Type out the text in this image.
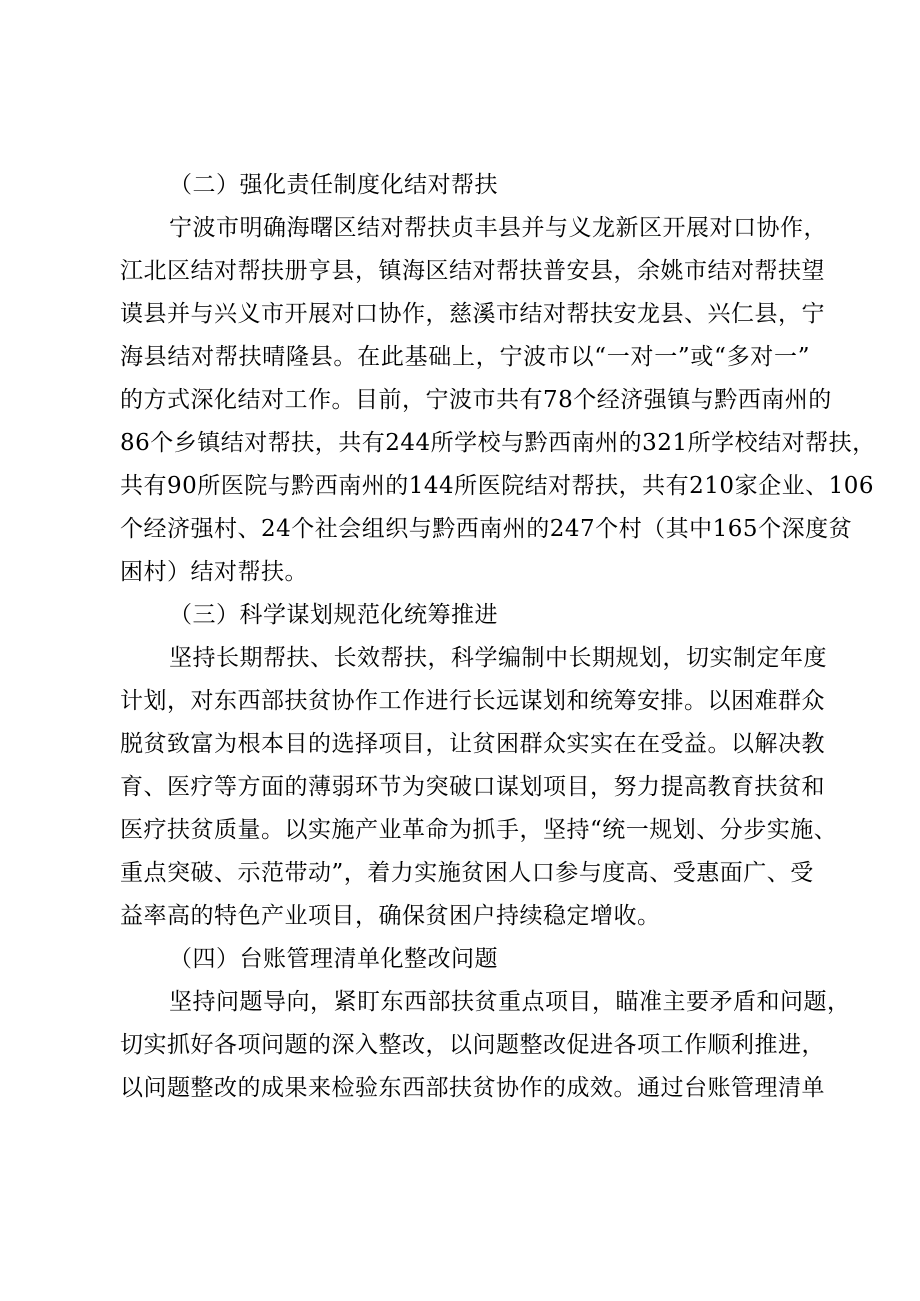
（二）强化责任制度化结对帮扶
宁波市明确海曙区结对帮扶贞丰县并与义龙新区开展对口协作，
江北区结对帮扶册亨县，镇海区结对帮扶普安县，余姚市结对帮扶望
谟县并与兴义市开展对口协作，慈溪市结对帮扶安龙县、兴仁县，宁
海县结对帮扶晴隆县。在此基础上，宁波市以“一对一”或“多对一”
的方式深化结对工作。目前，宁波市共有78个经济强镇与黔西南州的
86个乡镇结对帮扶，共有244所学校与黔西南州的321所学校结对帮扶，
共有90所医院与黔西南州的144所医院结对帮扶，共有210家企业、106
个经济强村、24个社会组织与黔西南州的247个村（其中165个深度贫
困村）结对帮扶。
（三）科学谋划规范化统筹推进
坚持长期帮扶、长效帮扶，科学编制中长期规划，切实制定年度
计划，对东西部扶贫协作工作进行长远谋划和统筹安排。以困难群众
脱贫致富为根本目的选择项目，让贫困群众实实在在受益。以解决教
育、医疗等方面的薄弱环节为突破口谋划项目，努力提高教育扶贫和
医疗扶贫质量。以实施产业革命为抓手，坚持“统一规划、分步实施、
重点突破、示范带动”，着力实施贫困人口参与度高、受惠面广、受
益率高的特色产业项目，确保贫困户持续稳定增收。
（四）台账管理清单化整改问题
坚持问题导向，紧盯东西部扶贫重点项目，瞄准主要矛盾和问题，
切实抓好各项问题的深入整改，以问题整改促进各项工作顺利推进，
以问题整改的成果来检验东西部扶贫协作的成效。通过台账管理清单
